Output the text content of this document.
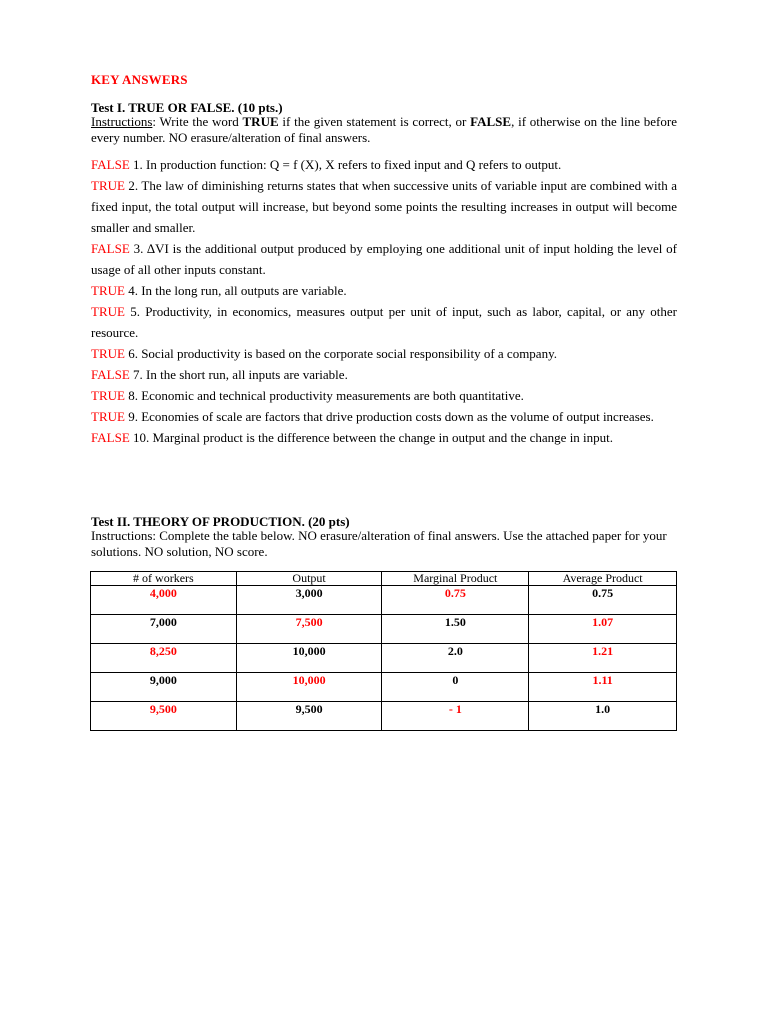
KEY ANSWERS
Test I. TRUE OR FALSE. (10 pts.)
Instructions: Write the word TRUE if the given statement is correct, or FALSE, if otherwise on the line before every number. NO erasure/alteration of final answers.
FALSE 1. In production function: Q = f (X), X refers to fixed input and Q refers to output.
TRUE 2. The law of diminishing returns states that when successive units of variable input are combined with a fixed input, the total output will increase, but beyond some points the resulting increases in output will become smaller and smaller.
FALSE 3. ∆VI is the additional output produced by employing one additional unit of input holding the level of usage of all other inputs constant.
TRUE 4. In the long run, all outputs are variable.
TRUE 5. Productivity, in economics, measures output per unit of input, such as labor, capital, or any other resource.
TRUE 6. Social productivity is based on the corporate social responsibility of a company.
FALSE 7. In the short run, all inputs are variable.
TRUE 8. Economic and technical productivity measurements are both quantitative.
TRUE 9. Economies of scale are factors that drive production costs down as the volume of output increases.
FALSE 10. Marginal product is the difference between the change in output and the change in input.
Test II. THEORY OF PRODUCTION. (20 pts)
Instructions: Complete the table below. NO erasure/alteration of final answers. Use the attached paper for your solutions. NO solution, NO score.
# of workers	Output	Marginal Product	Average Product
4,000	3,000	0.75	0.75
7,000	7,500	1.50	1.07
8,250	10,000	2.0	1.21
9,000	10,000	0	1.11
9,500	9,500	- 1	1.0
